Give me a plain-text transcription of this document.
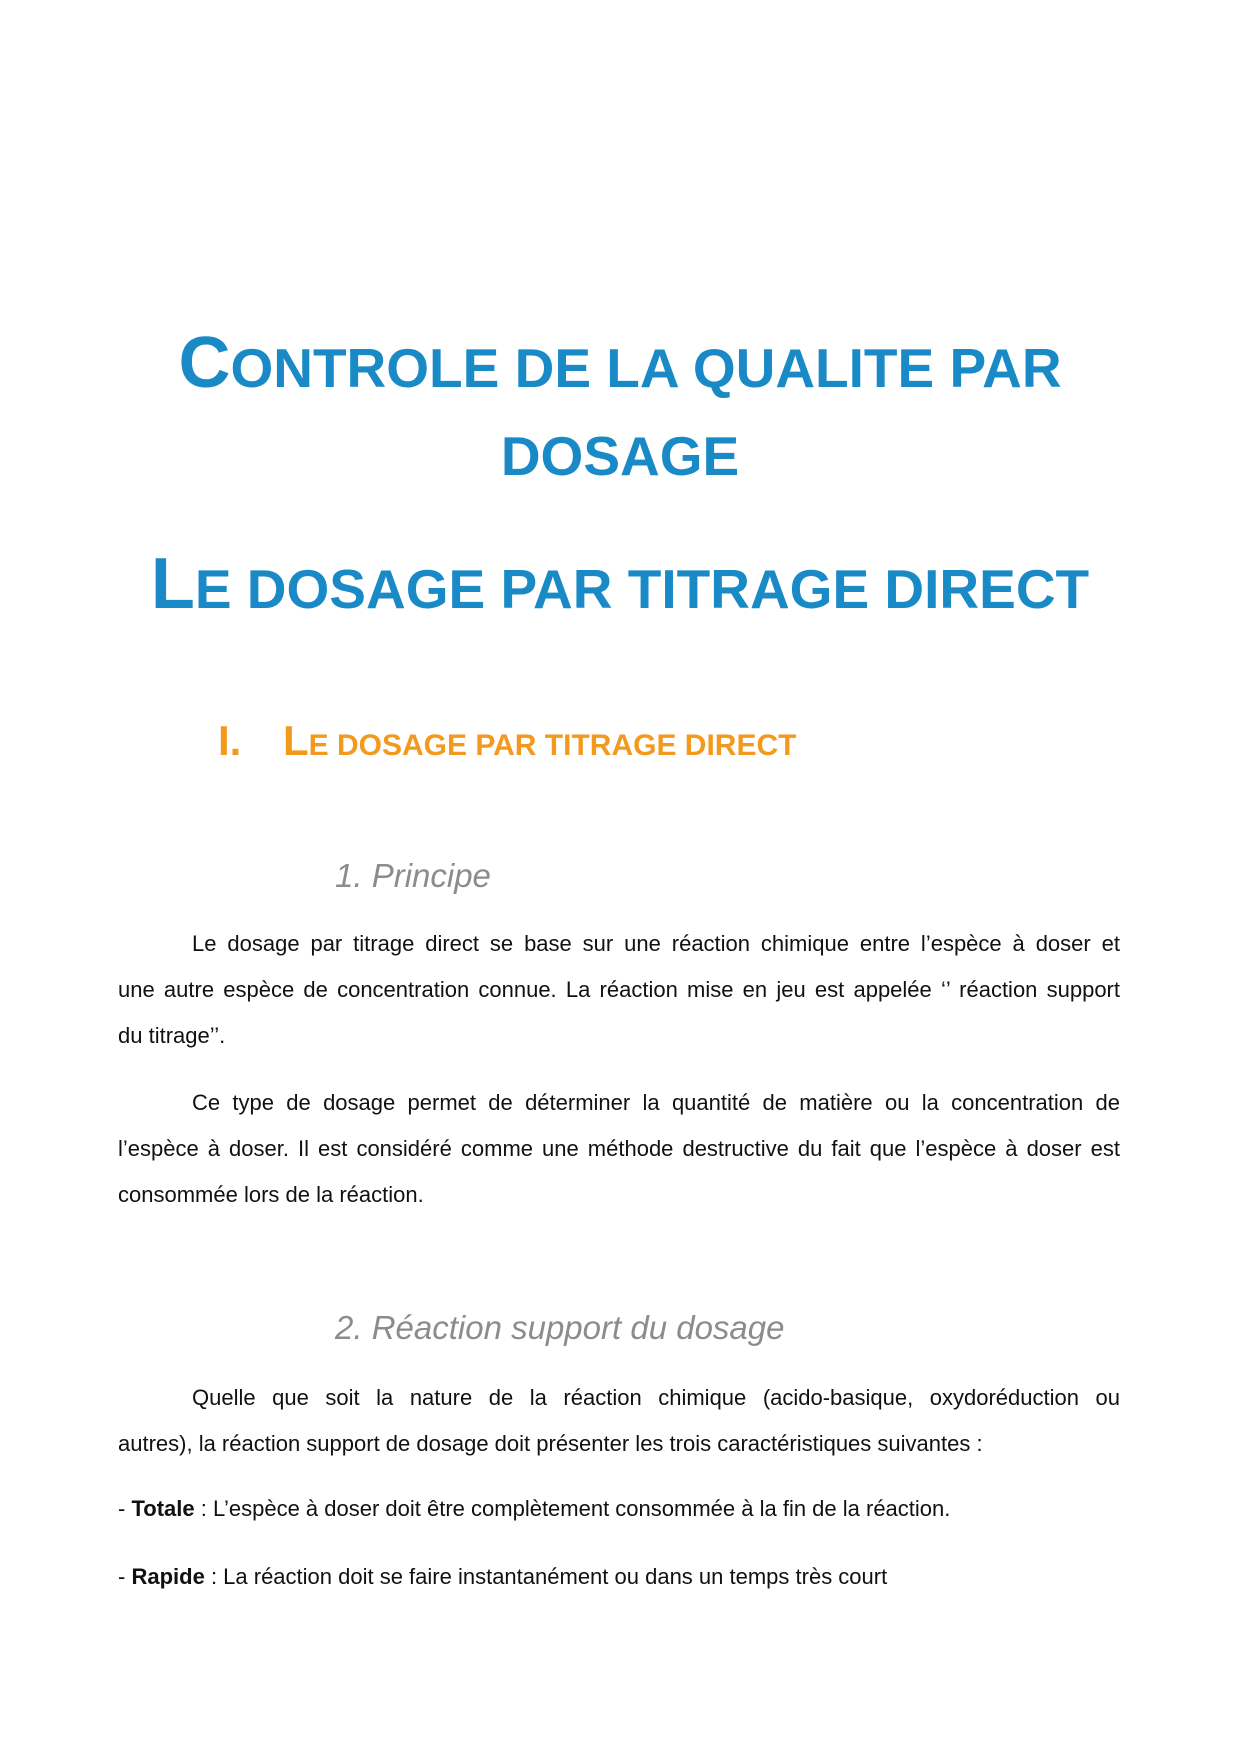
CONTROLE DE LA QUALITE PAR DOSAGE
LE DOSAGE PAR TITRAGE DIRECT
I. LE DOSAGE PAR TITRAGE DIRECT
1. Principe
Le dosage par titrage direct se base sur une réaction chimique entre l’espèce à doser et
une autre espèce de concentration connue. La réaction mise en jeu est appelée ‘’ réaction support
du titrage’’.
Ce type de dosage permet de déterminer la quantité de matière ou la concentration de
l’espèce à doser. Il est considéré comme une méthode destructive du fait que l’espèce à doser est
consommée lors de la réaction.
2. Réaction support du dosage
Quelle que soit la nature de la réaction chimique (acido-basique, oxydoréduction ou
autres), la réaction support de dosage doit présenter les trois caractéristiques suivantes :
- Totale : L’espèce à doser doit être complètement consommée à la fin de la réaction.
- Rapide : La réaction doit se faire instantanément ou dans un temps très court
